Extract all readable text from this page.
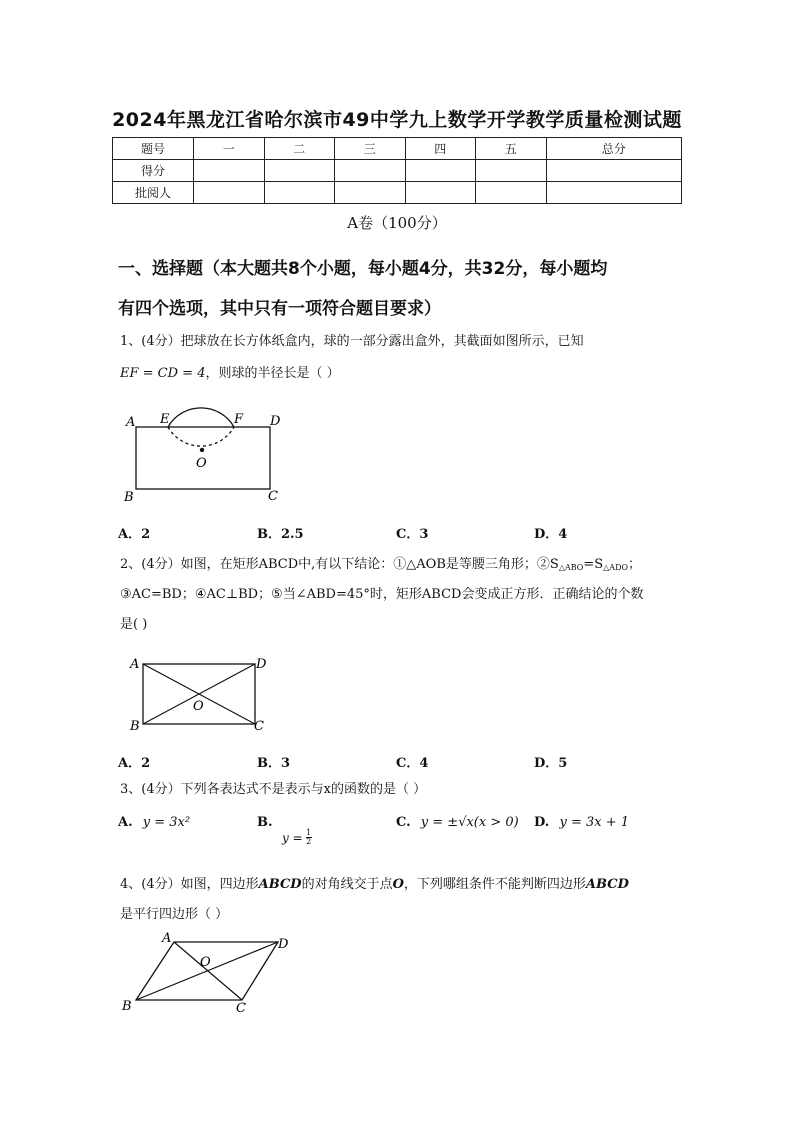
2024年黑龙江省哈尔滨市49中学九上数学开学教学质量检测试题
题号	一	二	三	四	五	总分
得分						
批阅人						
A卷（100分）
一、选择题（本大题共8个小题，每小题4分，共32分，每小题均
有四个选项，其中只有一项符合题目要求）
1、(4分）把球放在长方体纸盒内，球的一部分露出盒外，其截面如图所示，已知
EF = CD = 4，则球的半径长是（ ）
A E	F D
O
B	C
A．2	B．2.5	C．3	D．4
2、(4分）如图，在矩形ABCD中,有以下结论：①△AOB是等腰三角形；$②S_{\triangle ABO}=S_{\triangle ADO}$；
③AC=BD；④AC⊥BD；⑤当∠ABD=45°时，矩形ABCD会变成正方形．正确结论的个数
是( )
A	D
O
B	C
A．2	B．3	C．4	D．5
3、(4分）下列各表达式不是表示与x的函数的是（ ）
A. y = 3x²	B.
$y = \frac{1}{2}$
C. y = ±√x(x > 0) D. y = 3x + 1
4、(4分）如图，四边形ABCD的对角线交于点O，下列哪组条件不能判断四边形ABCD
是平行四边形（ ）
A	D
O
B	C
